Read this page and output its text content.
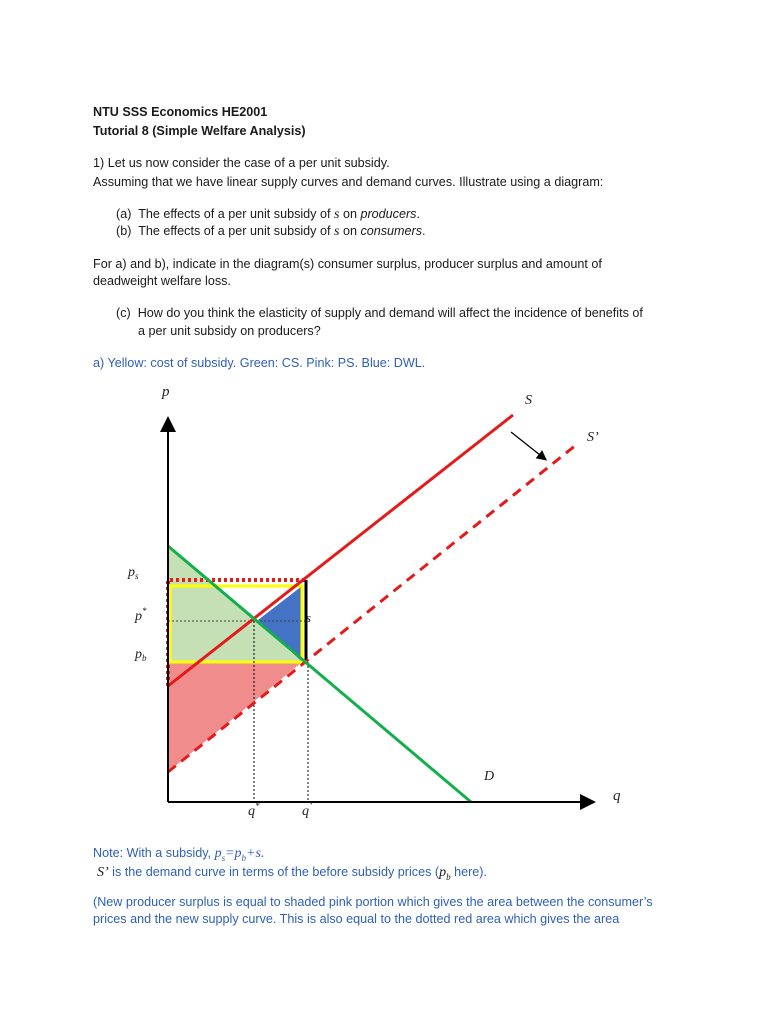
NTU SSS Economics HE2001
Tutorial 8 (Simple Welfare Analysis)
1) Let us now consider the case of a per unit subsidy.
Assuming that we have linear supply curves and demand curves. Illustrate using a diagram:
(a) The effects of a per unit subsidy of s on producers.
(b) The effects of a per unit subsidy of s on consumers.
For a) and b), indicate in the diagram(s) consumer surplus, producer surplus and amount of
deadweight welfare loss.
(c) How do you think the elasticity of supply and demand will affect the incidence of benefits of
a per unit subsidy on producers?
a) Yellow: cost of subsidy. Green: CS. Pink: PS. Blue: DWL.
p
q
S
S’
D
s
$p_s$
p*
$p_b$
q*	q’
Note: With a subsidy, $p_s=p_b+s$.
S’ is the demand curve in terms of the before subsidy prices ($p_b$ here).
(New producer surplus is equal to shaded pink portion which gives the area between the consumer’s
prices and the new supply curve. This is also equal to the dotted red area which gives the area
